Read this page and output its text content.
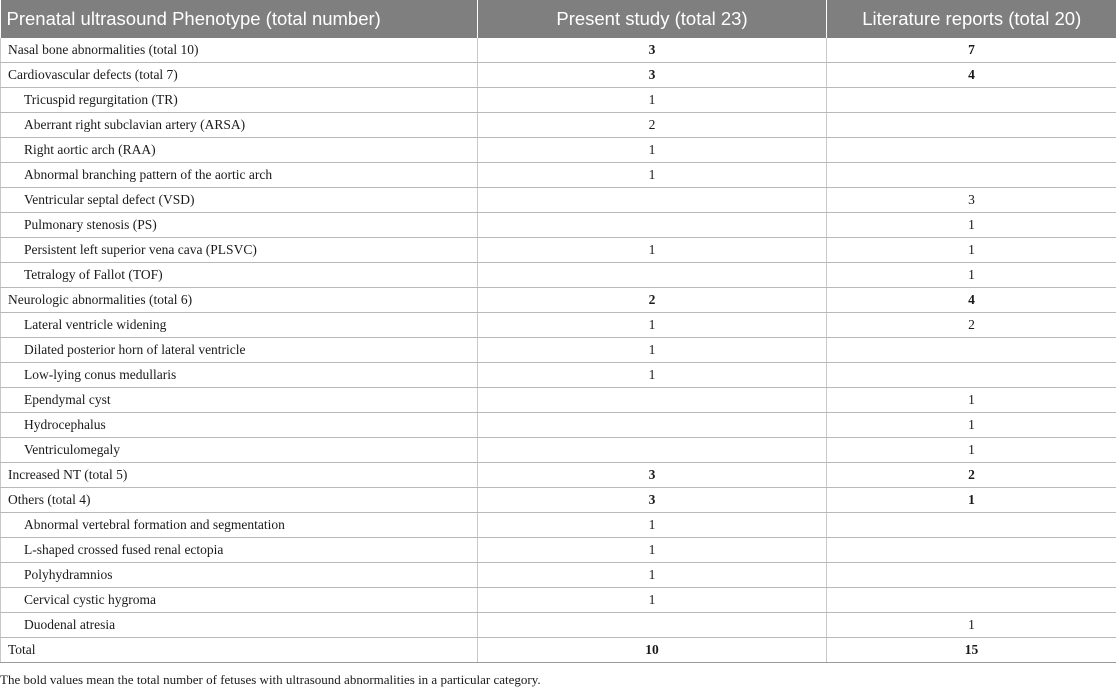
Prenatal ultrasound Phenotype (total number)	Present study (total 23)	Literature reports (total 20)
Nasal bone abnormalities (total 10)	3	7
Cardiovascular defects (total 7)	3	4
Tricuspid regurgitation (TR)	1	
Aberrant right subclavian artery (ARSA)	2	
Right aortic arch (RAA)	1	
Abnormal branching pattern of the aortic arch	1	
Ventricular septal defect (VSD)		3
Pulmonary stenosis (PS)		1
Persistent left superior vena cava (PLSVC)	1	1
Tetralogy of Fallot (TOF)		1
Neurologic abnormalities (total 6)	2	4
Lateral ventricle widening	1	2
Dilated posterior horn of lateral ventricle	1	
Low-lying conus medullaris	1	
Ependymal cyst		1
Hydrocephalus		1
Ventriculomegaly		1
Increased NT (total 5)	3	2
Others (total 4)	3	1
Abnormal vertebral formation and segmentation	1	
L-shaped crossed fused renal ectopia	1	
Polyhydramnios	1	
Cervical cystic hygroma	1	
Duodenal atresia		1
Total	10	15
The bold values mean the total number of fetuses with ultrasound abnormalities in a particular category.
